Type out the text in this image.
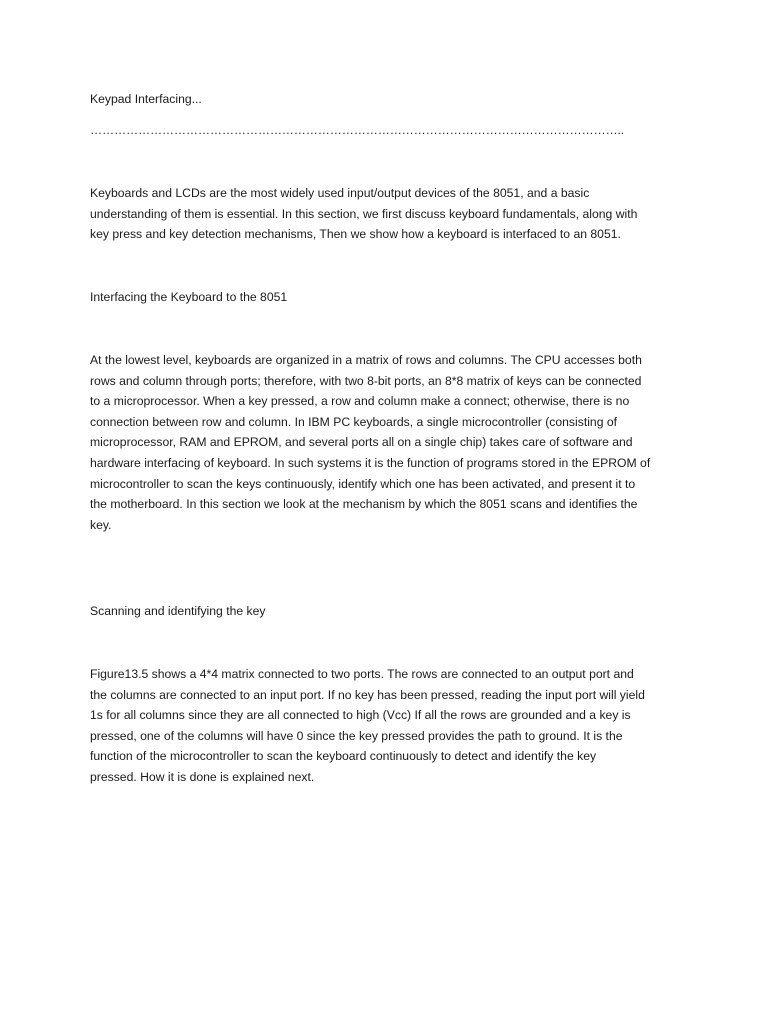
Keypad Interfacing...

……………………………………………………………………………………………………………………..

Keyboards and LCDs are the most widely used input/output devices of the 8051, and a basic
understanding of them is essential. In this section, we first discuss keyboard fundamentals, along with
key press and key detection mechanisms, Then we show how a keyboard is interfaced to an 8051.

Interfacing the Keyboard to the 8051

At the lowest level, keyboards are organized in a matrix of rows and columns. The CPU accesses both
rows and column through ports; therefore, with two 8-bit ports, an 8*8 matrix of keys can be connected
to a microprocessor. When a key pressed, a row and column make a connect; otherwise, there is no
connection between row and column. In IBM PC keyboards, a single microcontroller (consisting of
microprocessor, RAM and EPROM, and several ports all on a single chip) takes care of software and
hardware interfacing of keyboard. In such systems it is the function of programs stored in the EPROM of
microcontroller to scan the keys continuously, identify which one has been activated, and present it to
the motherboard. In this section we look at the mechanism by which the 8051 scans and identifies the
key.

Scanning and identifying the key

Figure13.5 shows a 4*4 matrix connected to two ports. The rows are connected to an output port and
the columns are connected to an input port. If no key has been pressed, reading the input port will yield
1s for all columns since they are all connected to high (Vcc) If all the rows are grounded and a key is
pressed, one of the columns will have 0 since the key pressed provides the path to ground. It is the
function of the microcontroller to scan the keyboard continuously to detect and identify the key
pressed. How it is done is explained next.
